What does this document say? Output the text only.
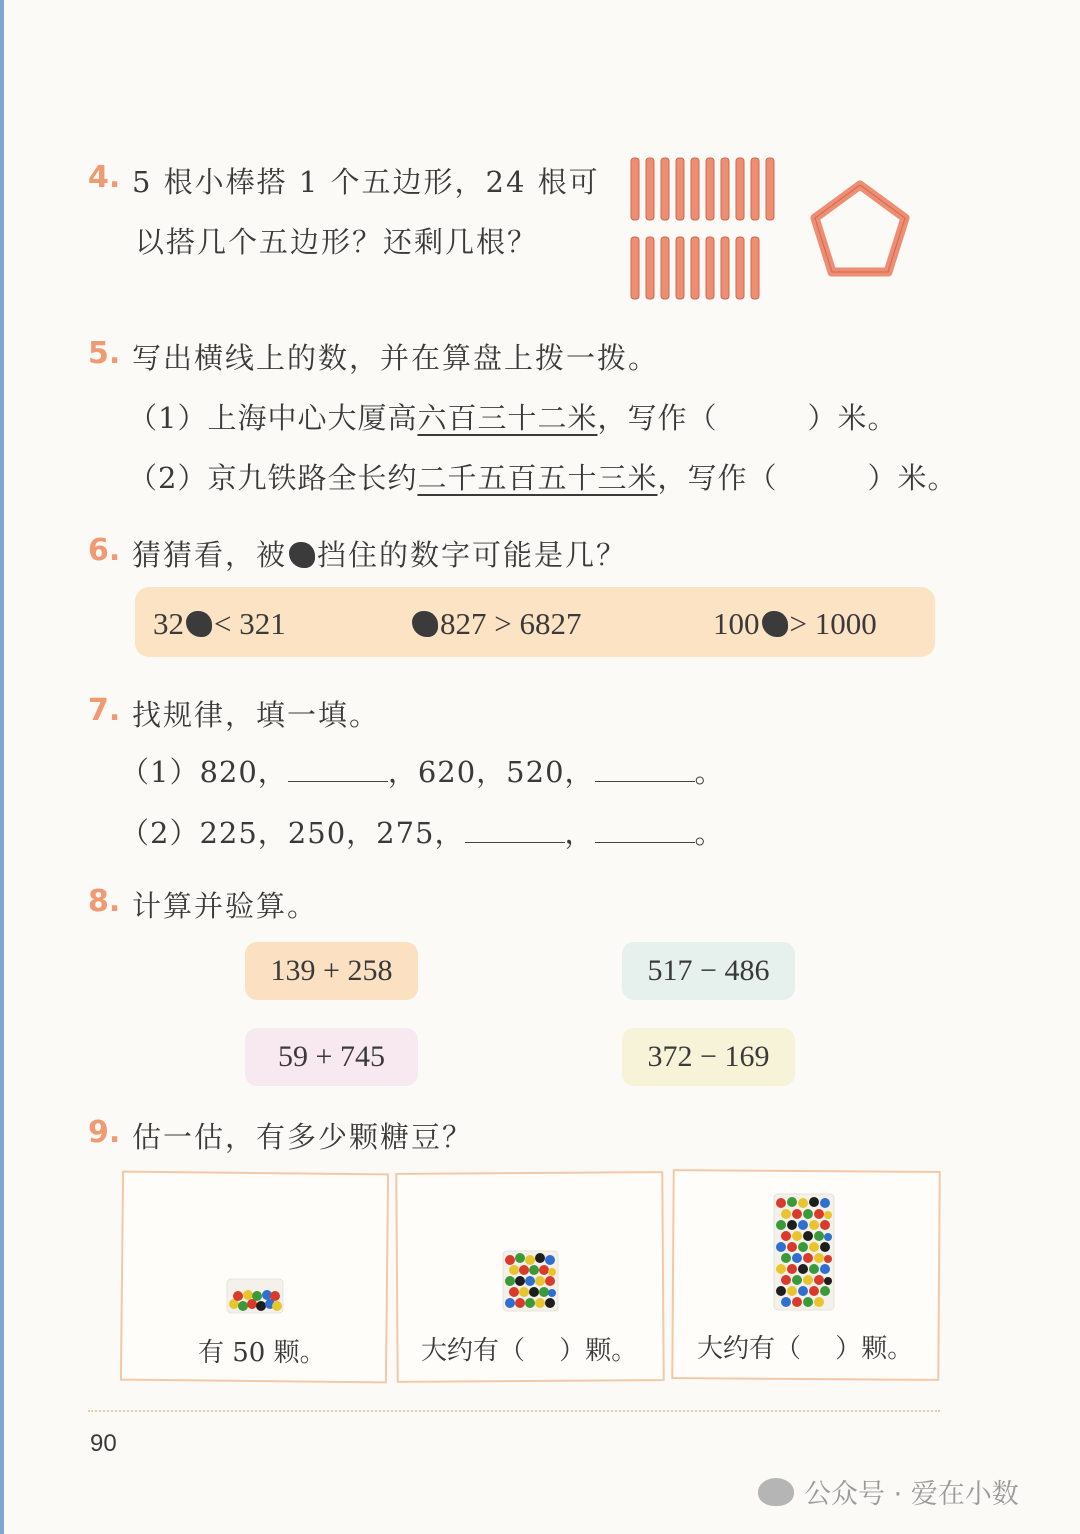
4. 5 根小棒搭 1 个五边形，24 根可
以搭几个五边形？还剩几根？
5. 写出横线上的数，并在算盘上拨一拨。
（1）上海中心大厦高六百三十二米，写作（　　　）米。
（2）京九铁路全长约二千五百五十三米，写作（　　　）米。
6. 猜猜看，被 挡住的数字可能是几？
32 < 321	827 > 6827	100 > 1000
7. 找规律，填一填。
（1）820，	，620，520，	。
（2）225，250，275，	，	。
8. 计算并验算。
139 + 258	517 − 486
59 + 745	372 − 169
9. 估一估，有多少颗糖豆？
有 50 颗。	大约有（　 ）颗。 大约有（　 ）颗。
90
公众号 · 爱在小数
